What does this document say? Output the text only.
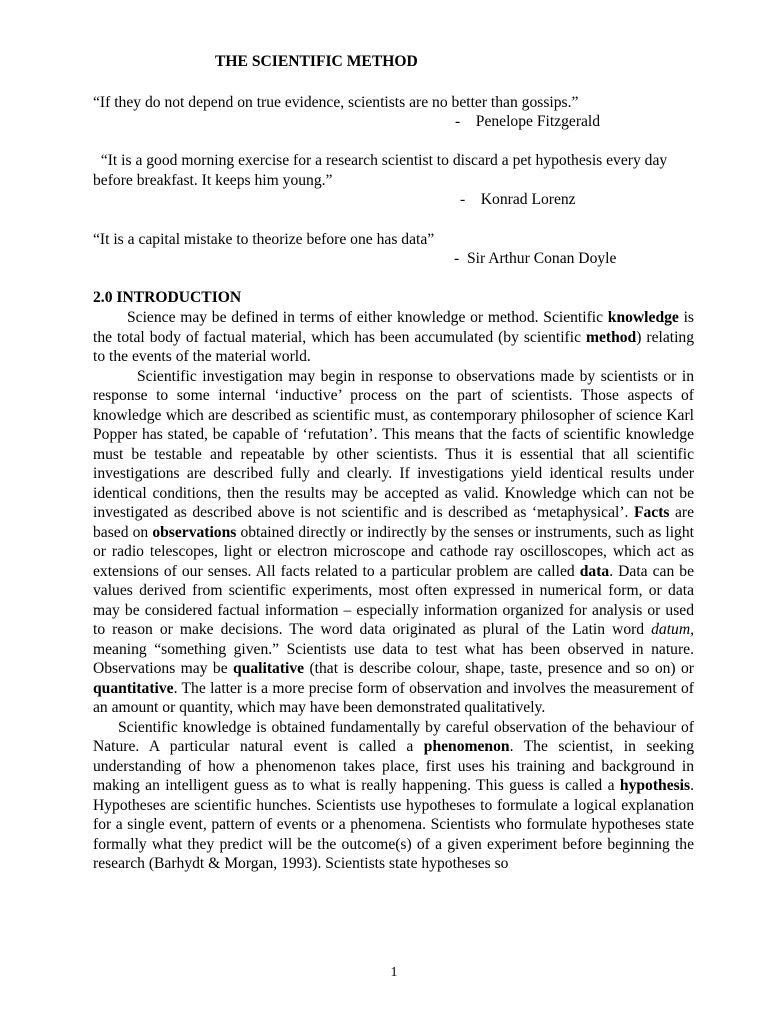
THE SCIENTIFIC METHOD

“If they do not depend on true evidence, scientists are no better than gossips.”

-    Penelope Fitzgerald

“It is a good morning exercise for a research scientist to discard a pet hypothesis every day before breakfast. It keeps him young.”

-    Konrad Lorenz

“It is a capital mistake to theorize before one has data”

-  Sir Arthur Conan Doyle

2.0 INTRODUCTION

Science may be defined in terms of either knowledge or method. Scientific knowledge is the total body of factual material, which has been accumulated (by scientific method) relating to the events of the material world.

Scientific investigation may begin in response to observations made by scientists or in response to some internal ‘inductive’ process on the part of scientists. Those aspects of knowledge which are described as scientific must, as contemporary philosopher of science Karl Popper has stated, be capable of ‘refutation’. This means that the facts of scientific knowledge must be testable and repeatable by other scientists. Thus it is essential that all scientific investigations are described fully and clearly. If investigations yield identical results under identical conditions, then the results may be accepted as valid. Knowledge which can not be investigated as described above is not scientific and is described as ‘metaphysical’. Facts are based on observations obtained directly or indirectly by the senses or instruments, such as light or radio telescopes, light or electron microscope and cathode ray oscilloscopes, which act as extensions of our senses. All facts related to a particular problem are called data. Data can be values derived from scientific experiments, most often expressed in numerical form, or data may be considered factual information – especially information organized for analysis or used to reason or make decisions. The word data originated as plural of the Latin word datum, meaning “something given.” Scientists use data to test what has been observed in nature. Observations may be qualitative (that is describe colour, shape, taste, presence and so on) or quantitative. The latter is a more precise form of observation and involves the measurement of an amount or quantity, which may have been demonstrated qualitatively.

Scientific knowledge is obtained fundamentally by careful observation of the behaviour of Nature. A particular natural event is called a phenomenon. The scientist, in seeking understanding of how a phenomenon takes place, first uses his training and background in making an intelligent guess as to what is really happening. This guess is called a hypothesis. Hypotheses are scientific hunches. Scientists use hypotheses to formulate a logical explanation for a single event, pattern of events or a phenomena. Scientists who formulate hypotheses state formally what they predict will be the outcome(s) of a given experiment before beginning the research (Barhydt & Morgan, 1993). Scientists state hypotheses so

1
